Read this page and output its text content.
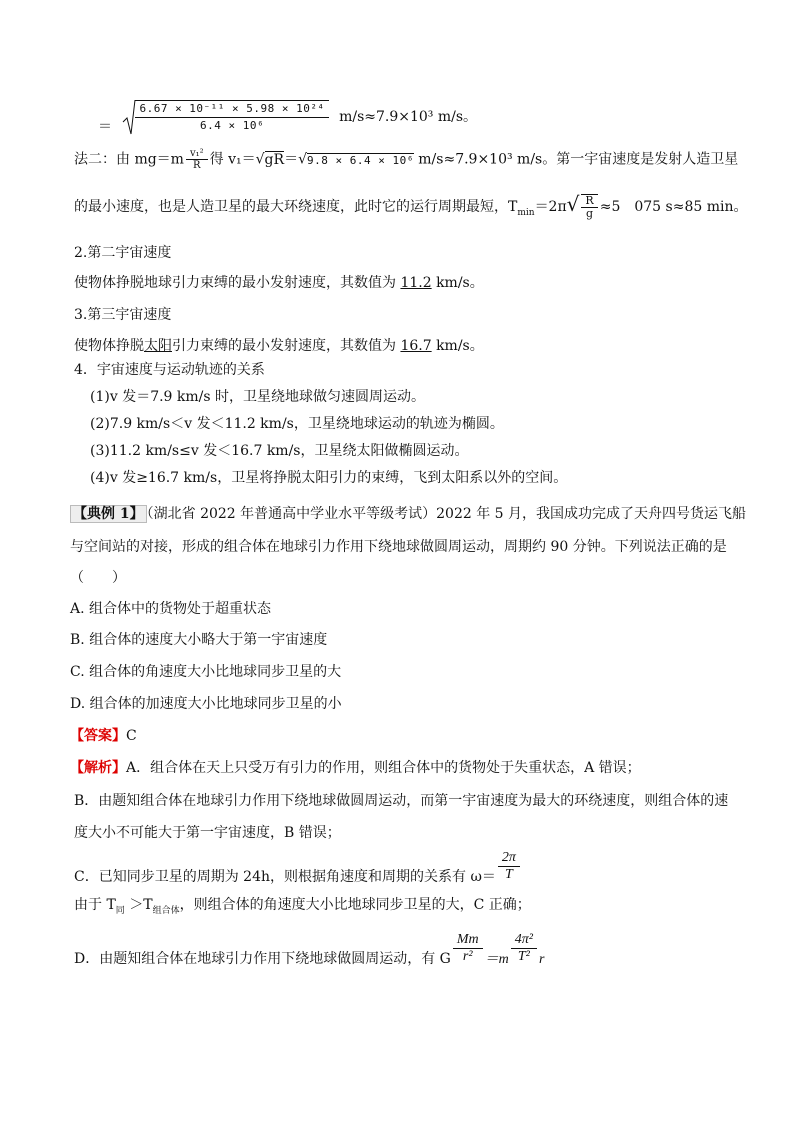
＝ $\frac{\text{6.67 × 10⁻¹¹ × 5.98 × 10²⁴}}{\text{6.4 × 10⁶}} m/s\approx 7.9\times 10^3$ m/s。
法二：由 $mg=m \frac{\text{v₁²}}{R}$ 得 v₁＝√gR＝√9.8 × 6.4 × 10⁶ m/s≈7.9×10³ m/s。第一宇宙速度是发射人造卫星
的最小速度，也是人造卫星的最大环绕速度，此时它的运行周期最短，$T_{min}=2\pi√ \frac{R}{g} \approx 5$　075 s≈85 min。
2.第二宇宙速度
使物体挣脱地球引力束缚的最小发射速度，其数值为 11.2 km/s。
3.第三宇宙速度
使物体挣脱太阳引力束缚的最小发射速度，其数值为 16.7 km/s。
4．宇宙速度与运动轨迹的关系
(1)v 发＝7.9 km/s 时，卫星绕地球做匀速圆周运动。
(2)7.9 km/s＜v 发＜11.2 km/s，卫星绕地球运动的轨迹为椭圆。
(3)11.2 km/s≤v 发＜16.7 km/s，卫星绕太阳做椭圆运动。
(4)v 发≥16.7 km/s，卫星将挣脱太阳引力的束缚，飞到太阳系以外的空间。
【典例 1】 （湖北省 2022 年普通高中学业水平等级考试）2022 年 5 月，我国成功完成了天舟四号货运飞船
与空间站的对接，形成的组合体在地球引力作用下绕地球做圆周运动，周期约 90 分钟。下列说法正确的是
（　　）
A. 组合体中的货物处于超重状态
B. 组合体的速度大小略大于第一宇宙速度
C. 组合体的角速度大小比地球同步卫星的大
D. 组合体的加速度大小比地球同步卫星的小
【答案】C
【解析】A．组合体在天上只受万有引力的作用，则组合体中的货物处于失重状态，A 错误；
B．由题知组合体在地球引力作用下绕地球做圆周运动，而第一宇宙速度为最大的环绕速度，则组合体的速
度大小不可能大于第一宇宙速度，B 错误；
C．已知同步卫星的周期为 24h，则根据角速度和周期的关系有 $\omega= \frac{2\pi}{T}$
由于 $T_同 >T_{组合体}$，则组合体的角速度大小比地球同步卫星的大，C 正确；
D．由题知组合体在地球引力作用下绕地球做圆周运动，有 G $\frac{Mm}{\text{r²}} =m \frac{\text{4π²}}{\text{T²}}$ r
